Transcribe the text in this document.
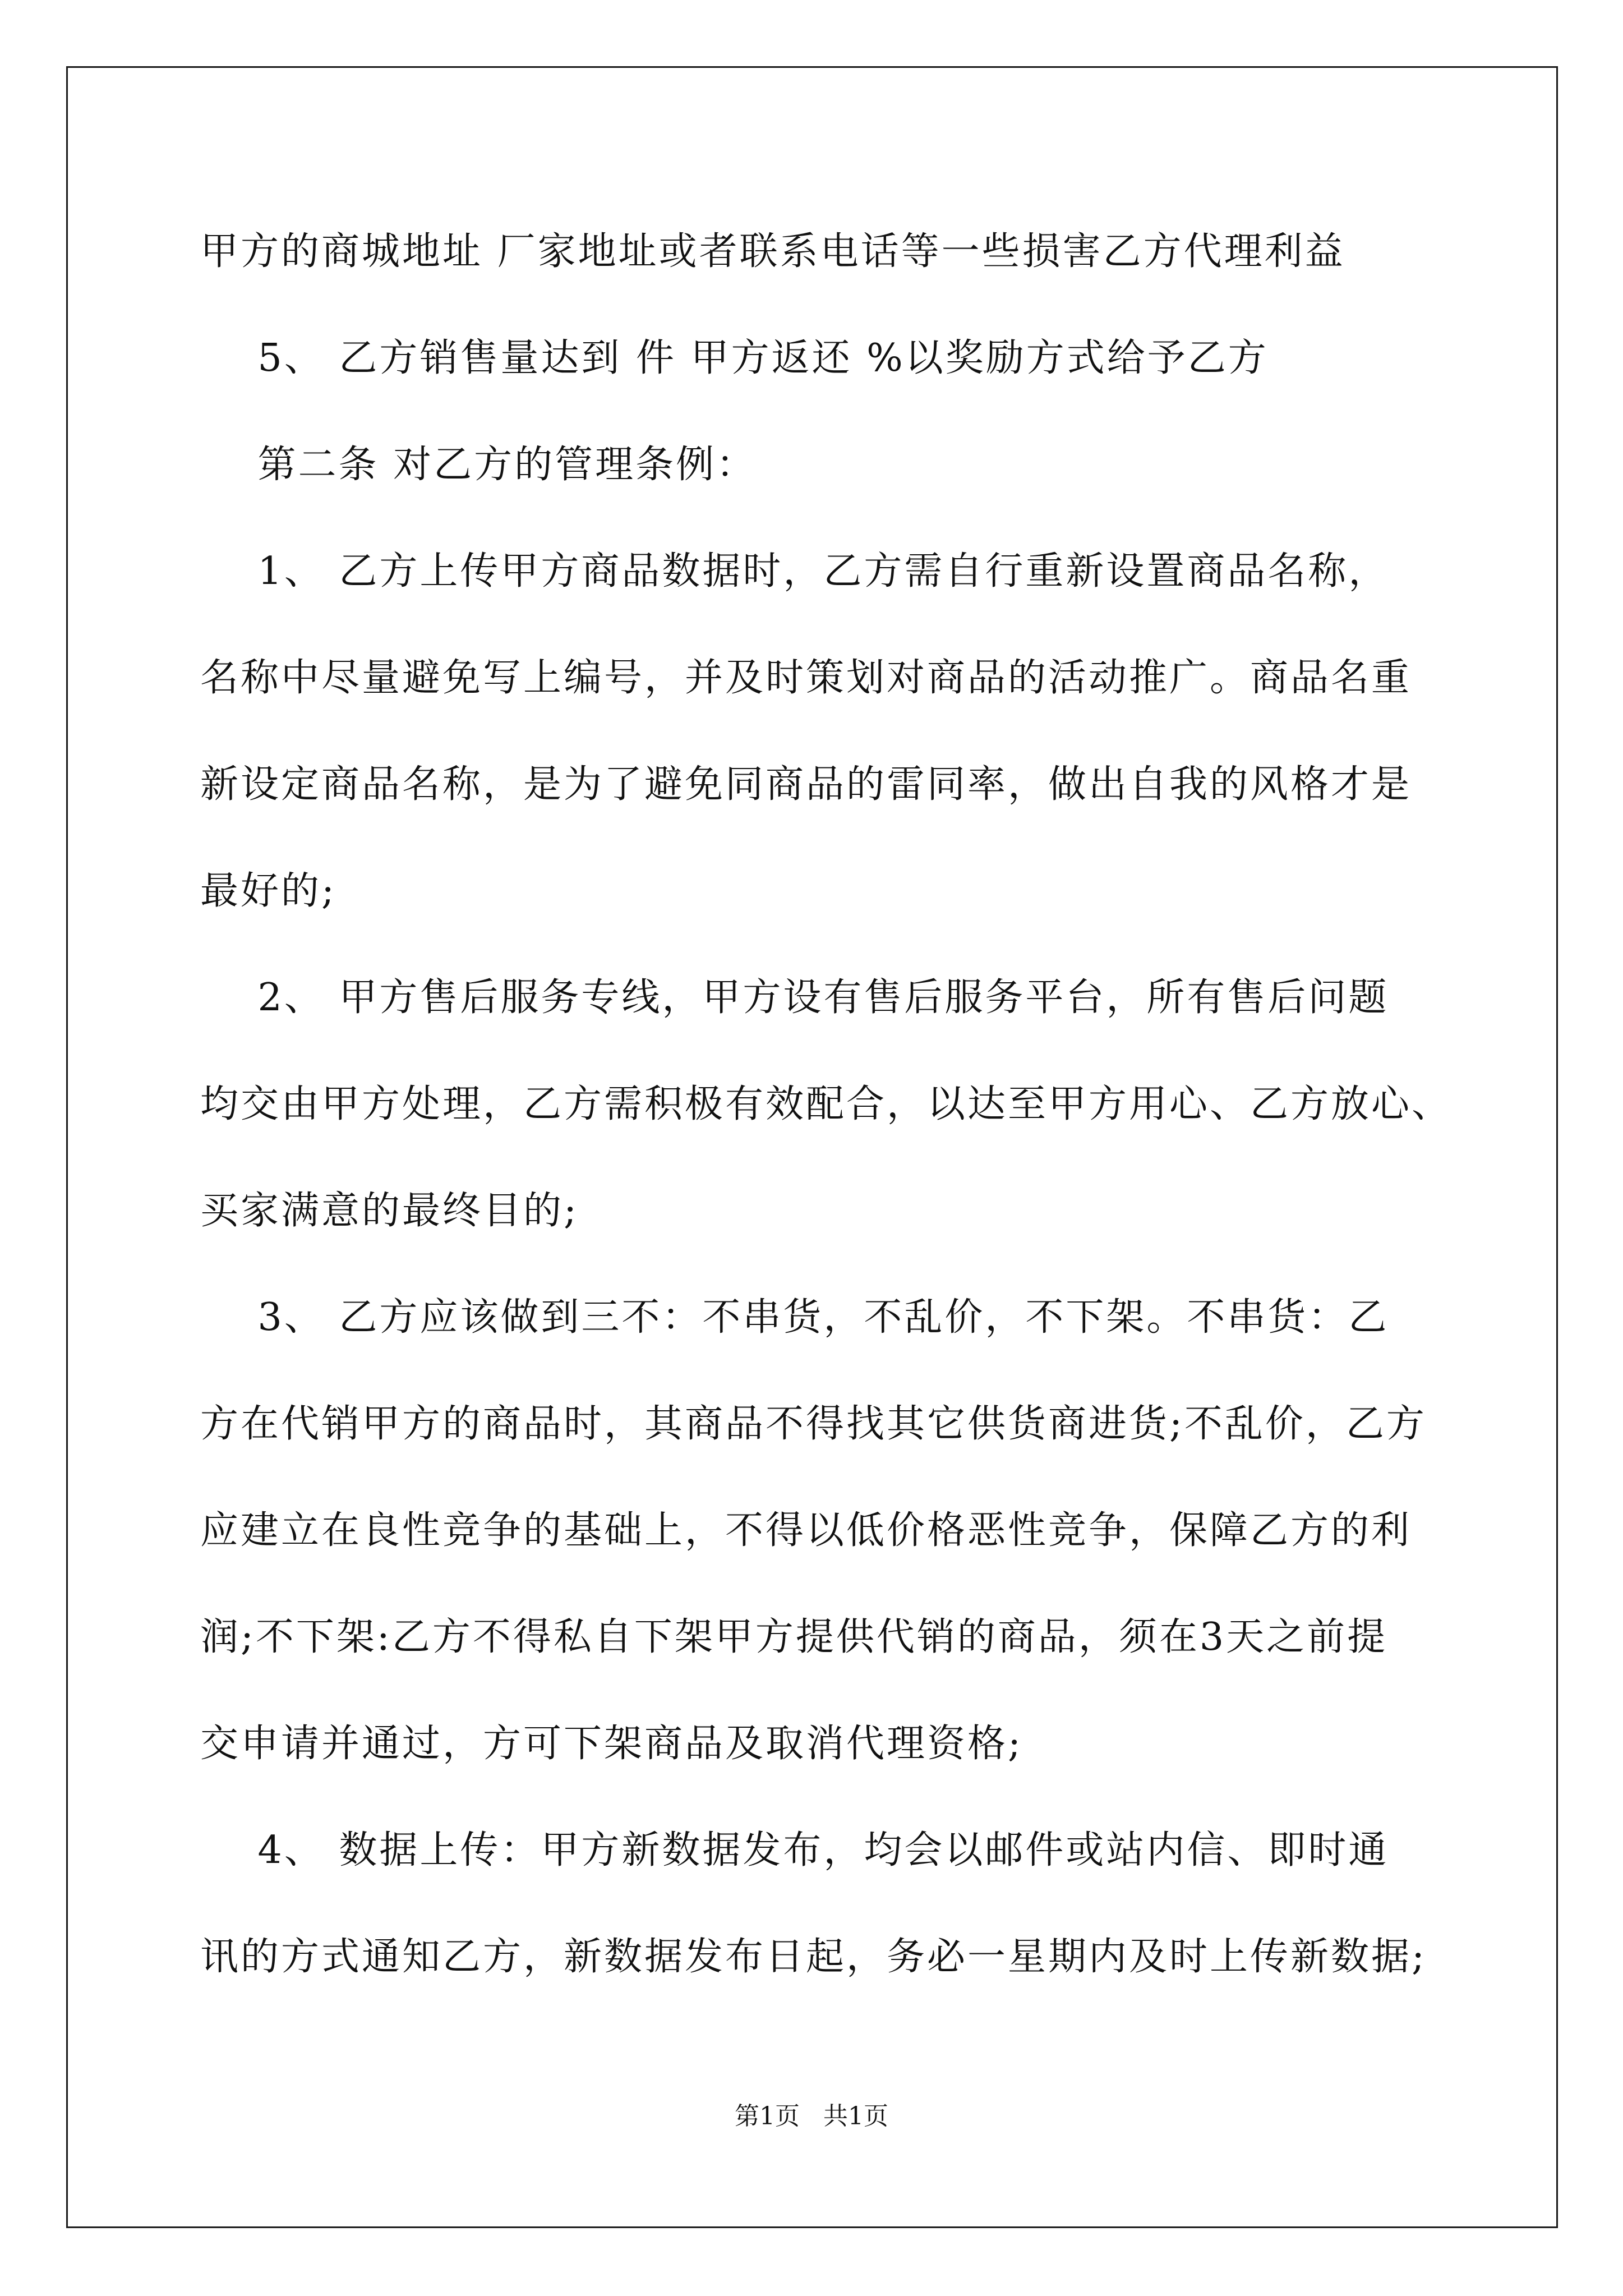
甲方的商城地址 厂家地址或者联系电话等一些损害乙方代理利益
5、 乙方销售量达到 件 甲方返还 %以奖励方式给予乙方
第二条 对乙方的管理条例：
1、 乙方上传甲方商品数据时，乙方需自行重新设置商品名称，
名称中尽量避免写上编号，并及时策划对商品的活动推广。商品名重
新设定商品名称，是为了避免同商品的雷同率，做出自我的风格才是
最好的;
2、 甲方售后服务专线，甲方设有售后服务平台，所有售后问题
均交由甲方处理，乙方需积极有效配合，以达至甲方用心、乙方放心、
买家满意的最终目的;
3、 乙方应该做到三不：不串货，不乱价，不下架。不串货：乙
方在代销甲方的商品时，其商品不得找其它供货商进货;不乱价，乙方
应建立在良性竞争的基础上，不得以低价格恶性竞争，保障乙方的利
润;不下架:乙方不得私自下架甲方提供代销的商品，须在3天之前提
交申请并通过，方可下架商品及取消代理资格;
4、 数据上传：甲方新数据发布，均会以邮件或站内信、即时通
讯的方式通知乙方，新数据发布日起，务必一星期内及时上传新数据;
第1页   共1页
